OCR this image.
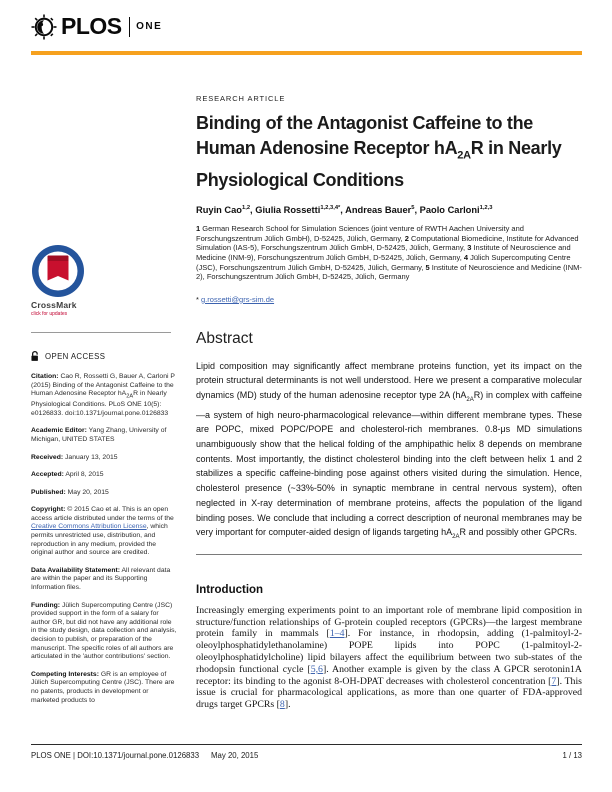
PLOS ONE
CrossMark
click for updates
OPEN ACCESS

Citation: Cao R, Rossetti G, Bauer A, Carloni P (2015) Binding of the Antagonist Caffeine to the Human Adenosine Receptor $hA_{2A}R$ in Nearly Physiological Conditions. PLoS ONE 10(5): e0126833. doi:10.1371/journal.pone.0126833

Academic Editor: Yang Zhang, University of Michigan, UNITED STATES

Received: January 13, 2015

Accepted: April 8, 2015

Published: May 20, 2015

Copyright: © 2015 Cao et al. This is an open access article distributed under the terms of the Creative Commons Attribution License, which permits unrestricted use, distribution, and reproduction in any medium, provided the original author and source are credited.

Data Availability Statement: All relevant data are within the paper and its Supporting Information files.

Funding: Jülich Supercomputing Centre (JSC) provided support in the form of a salary for author GR, but did not have any additional role in the study design, data collection and analysis, decision to publish, or preparation of the manuscript. The specific roles of all authors are articulated in the 'author contributions' section.

Competing Interests: GR is an employee of Jülich Supercomputing Centre (JSC). There are no patents, products in development or marketed products to

RESEARCH ARTICLE
Binding of the Antagonist Caffeine to the Human Adenosine Receptor $hA_{2A}R$ in Nearly Physiological Conditions

Ruyin Cao$^{1,2}$, Giulia Rossetti$^{1,2,3,4*}$, Andreas Bauer$^5$, Paolo Carloni$^{1,2,3}$

1 German Research School for Simulation Sciences (joint venture of RWTH Aachen University and Forschungszentrum Jülich GmbH), D-52425, Jülich, Germany, 2 Computational Biomedicine, Institute for Advanced Simulation (IAS-5), Forschungszentrum Jülich GmbH, D-52425, Jülich, Germany, 3 Institute of Neuroscience and Medicine (INM-9), Forschungszentrum Jülich GmbH, D-52425, Jülich, Germany, 4 Jülich Supercomputing Centre (JSC), Forschungszentrum Jülich GmbH, D-52425, Jülich, Germany, 5 Institute of Neuroscience and Medicine (INM-2), Forschungszentrum Jülich GmbH, D-52425, Jülich, Germany

* g.rossetti@grs-sim.de

Abstract

Lipid composition may significantly affect membrane proteins function, yet its impact on the protein structural determinants is not well understood. Here we present a comparative molecular dynamics (MD) study of the human adenosine receptor type 2A $(hA_{2A}R)$ in complex with caffeine—a system of high neuro-pharmacological relevance—within different membrane types. These are POPC, mixed POPC/POPE and cholesterol-rich membranes. 0.8-μs MD simulations unambiguously show that the helical folding of the amphipathic helix 8 depends on membrane contents. Most importantly, the distinct cholesterol binding into the cleft between helix 1 and 2 stabilizes a specific caffeine-binding pose against others visited during the simulation. Hence, cholesterol presence (~33%-50% in synaptic membrane in central nervous system), often neglected in X-ray determination of membrane proteins, affects the population of the ligand binding poses. We conclude that including a correct description of neuronal membranes may be very important for computer-aided design of ligands targeting $hA_{2A}R$ and possibly other GPCRs.

Introduction

Increasingly emerging experiments point to an important role of membrane lipid composition in structure/function relationships of G-protein coupled receptors (GPCRs)—the largest membrane protein family in mammals [1–4]. For instance, in rhodopsin, adding (1-palmitoyl-2-oleoylphosphatidylethanolamine) POPE lipids into POPC (1-palmitoyl-2-oleoylphosphatidylcholine) lipid bilayers affect the equilibrium between two sub-states of the rhodopsin functional cycle [5,6]. Another example is given by the class A GPCR serotonin1A receptor: its binding to the agonist 8-OH-DPAT decreases with cholesterol concentration [7]. This issue is crucial for pharmacological applications, as more than one quarter of FDA-approved drugs target GPCRs [8].

PLOS ONE | DOI:10.1371/journal.pone.0126833 May 20, 2015	1 / 13
